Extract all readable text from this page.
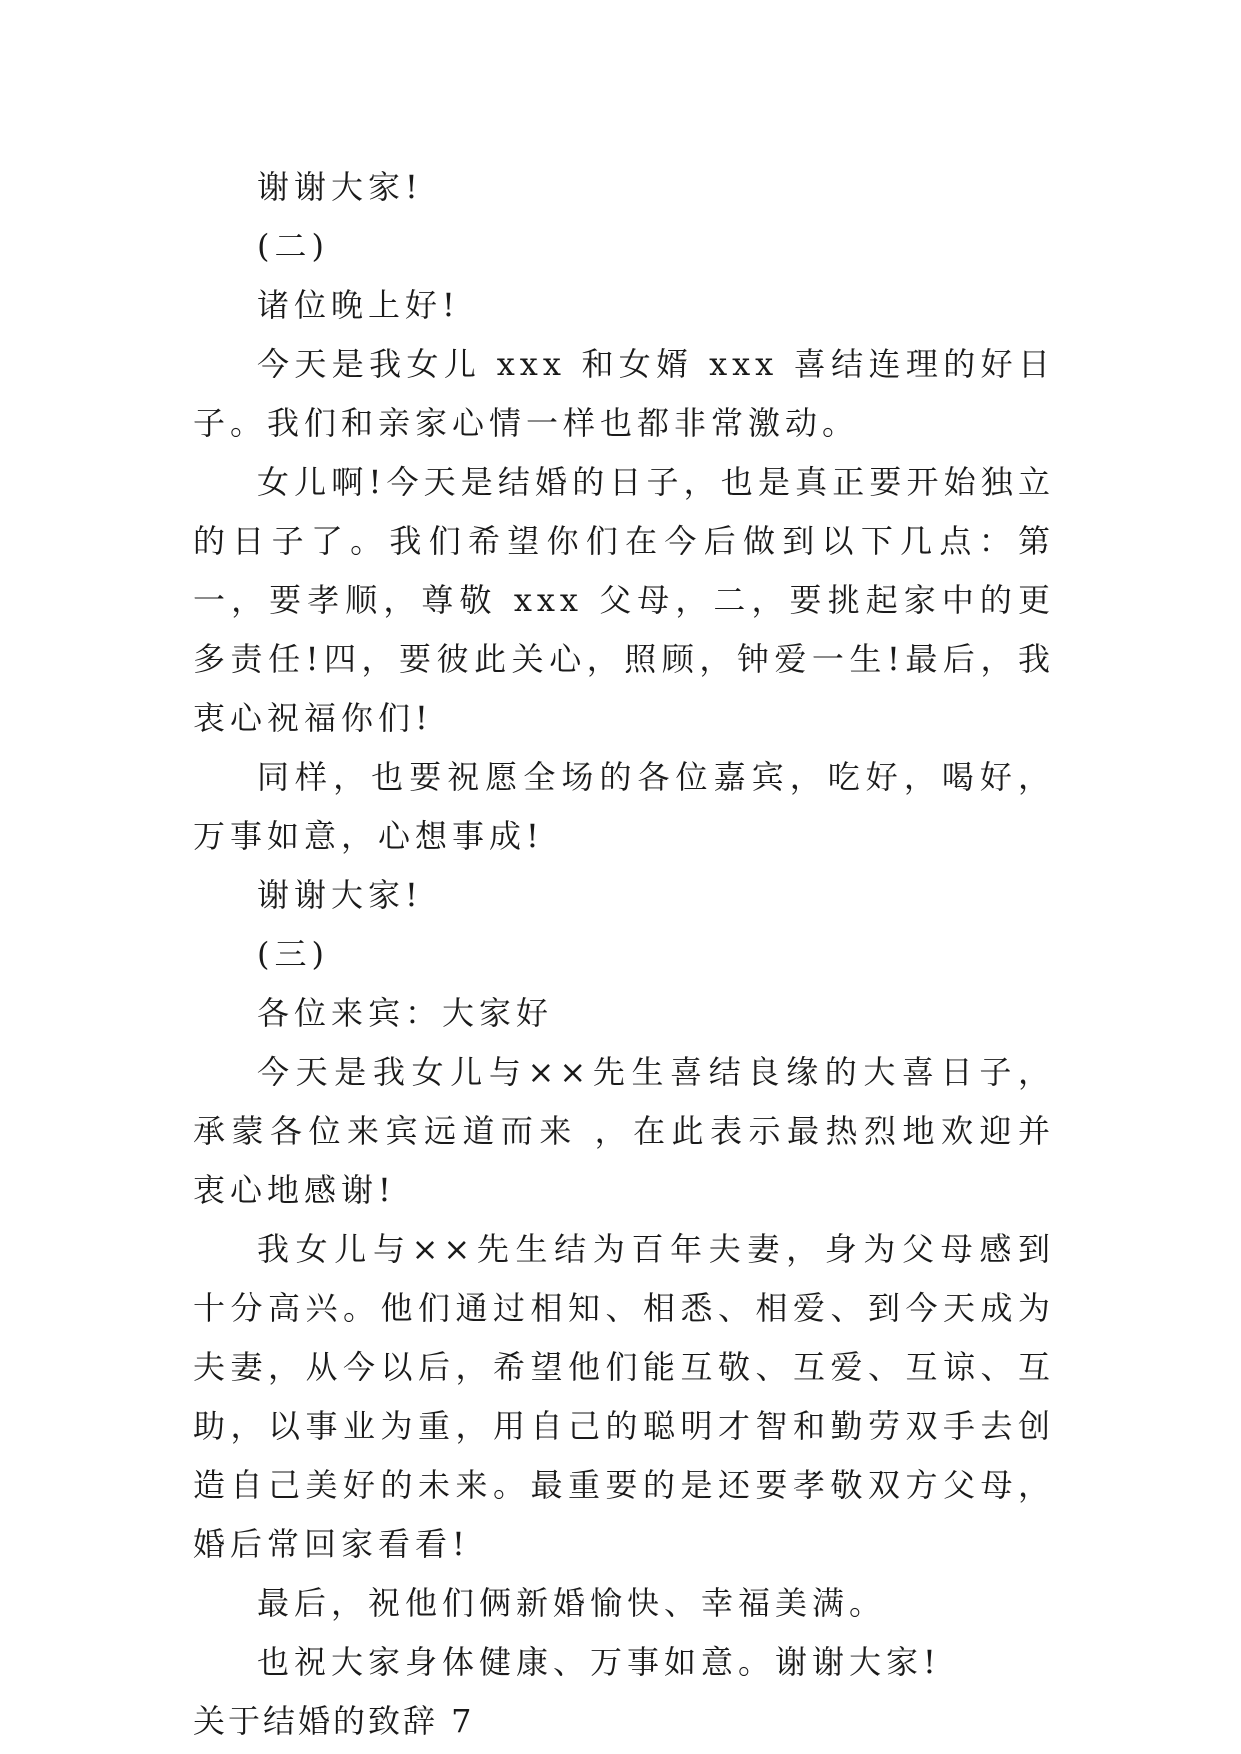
谢谢大家!

(二)

诸位晚上好!

今天是我女儿 xxx 和女婿 xxx 喜结连理的好日子。我们和亲家心情一样也都非常激动。

女儿啊!今天是结婚的日子，也是真正要开始独立的日子了。我们希望你们在今后做到以下几点：第一，要孝顺，尊敬 xxx 父母，二，要挑起家中的更多责任!四，要彼此关心，照顾，钟爱一生!最后，我衷心祝福你们!

同样，也要祝愿全场的各位嘉宾，吃好，喝好，万事如意，心想事成!

谢谢大家!

(三)

各位来宾：大家好

今天是我女儿与××先生喜结良缘的大喜日子，承蒙各位来宾远道而来 ，在此表示最热烈地欢迎并衷心地感谢!

我女儿与××先生结为百年夫妻，身为父母感到十分高兴。他们通过相知、相悉、相爱、到今天成为夫妻，从今以后，希望他们能互敬、互爱、互谅、互助，以事业为重，用自己的聪明才智和勤劳双手去创造自己美好的未来。最重要的是还要孝敬双方父母，婚后常回家看看!

最后，祝他们俩新婚愉快、幸福美满。

也祝大家身体健康、万事如意。谢谢大家!

关于结婚的致辞 7
